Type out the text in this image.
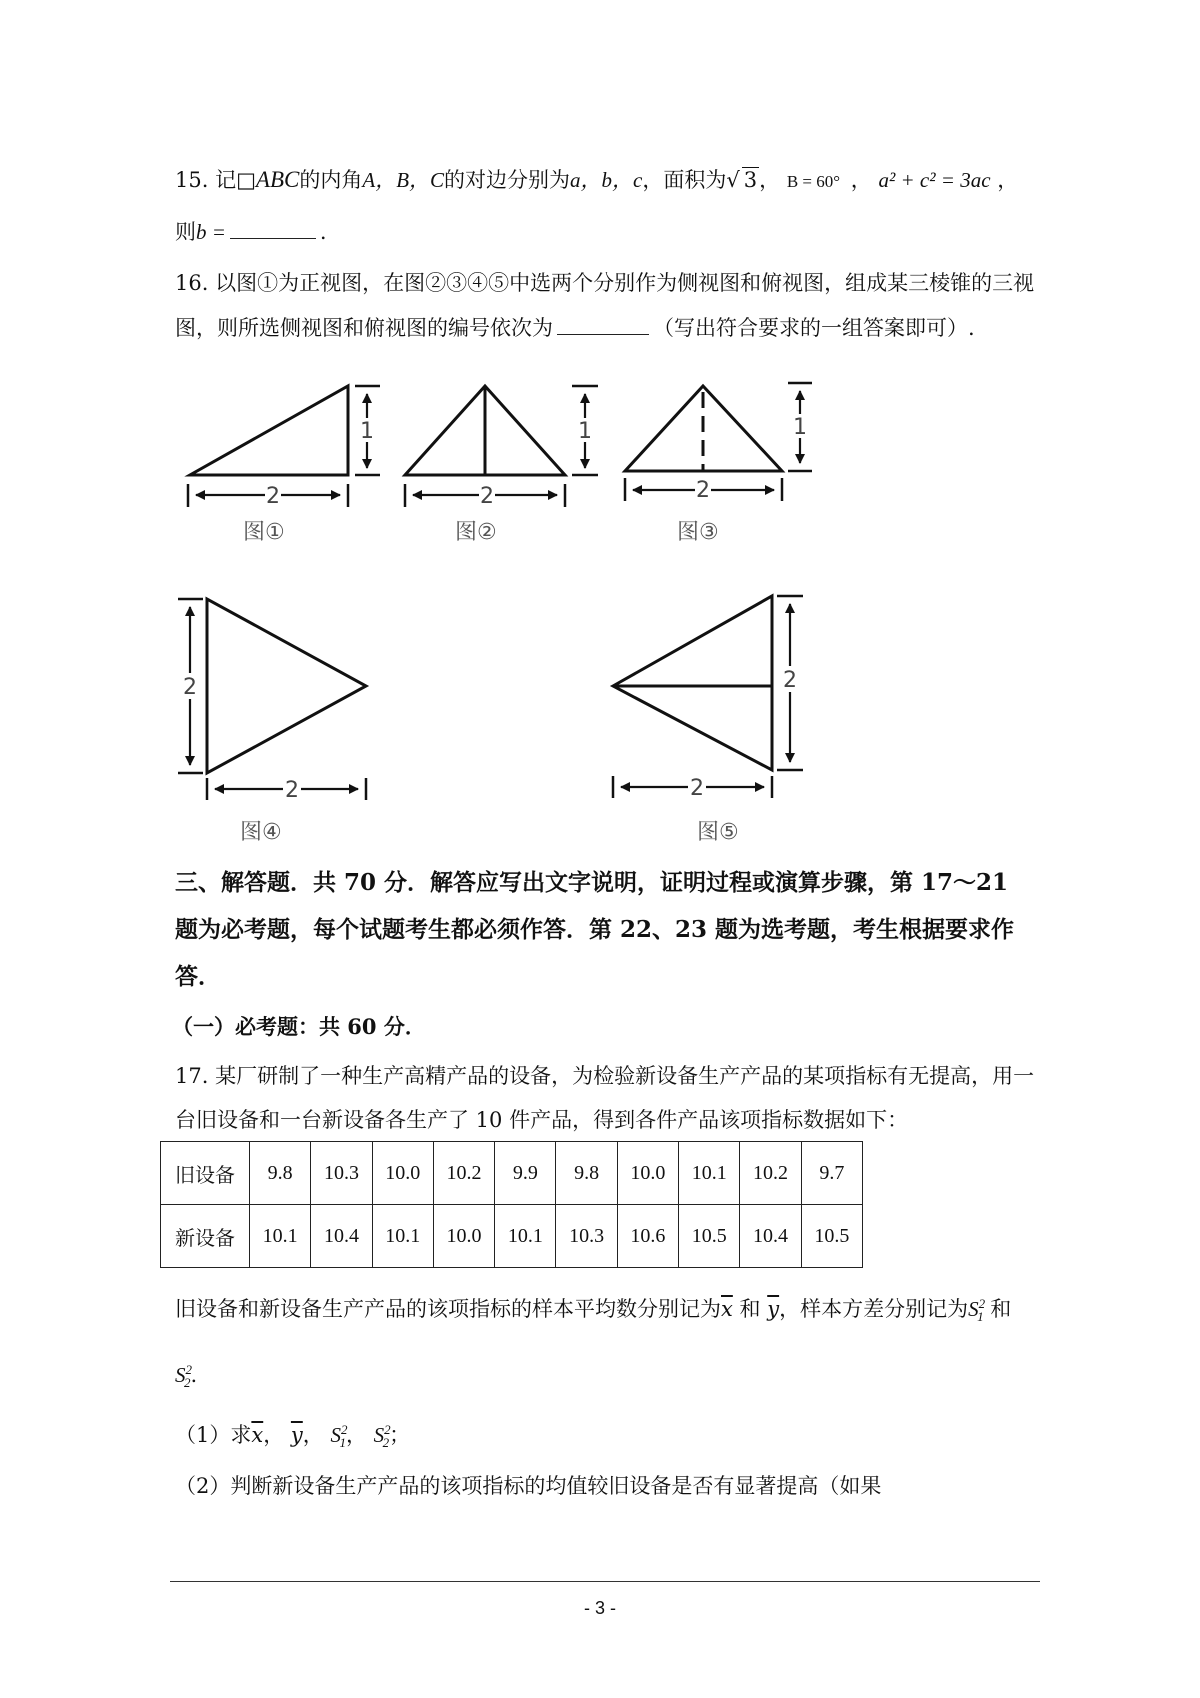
15. 记□ABC的内角A，B，C的对边分别为a，b，c，面积为√ 3， B = 60° ， a² + c² = 3ac ，
则b =	.
16. 以图①为正视图，在图②③④⑤中选两个分别作为侧视图和俯视图，组成某三棱锥的三视
图，则所选侧视图和俯视图的编号依次为	（写出符合要求的一组答案即可）.
2
1
2
1
2
1
2
2
2
2
图①	图②	图③
图④	图⑤
三、解答题．共 70 分．解答应写出文字说明，证明过程或演算步骤，第 17～21
题为必考题，每个试题考生都必须作答．第 22、23 题为选考题，考生根据要求作
答．
（一）必考题：共 60 分．
17. 某厂研制了一种生产高精产品的设备，为检验新设备生产产品的某项指标有无提高，用一
台旧设备和一台新设备各生产了 10 件产品，得到各件产品该项指标数据如下：
旧设备	9.8	10.3	10.0	10.2	9.9	9.8	10.0	10.1	10.2	9.7
新设备	10.1	10.4	10.1	10.0	10.1	10.3	10.6	10.5	10.4	10.5
旧设备和新设备生产产品的该项指标的样本平均数分别记为$\overline{x}$ 和 $\overline{y}$，样本方差分别记为$S^2_1$ 和
$S^2_2$.
（1）求$\overline{x}$， $\overline{y}$， $S^2_1$， $S^2_2$；
（2）判断新设备生产产品的该项指标的均值较旧设备是否有显著提高（如果
- 3 -
